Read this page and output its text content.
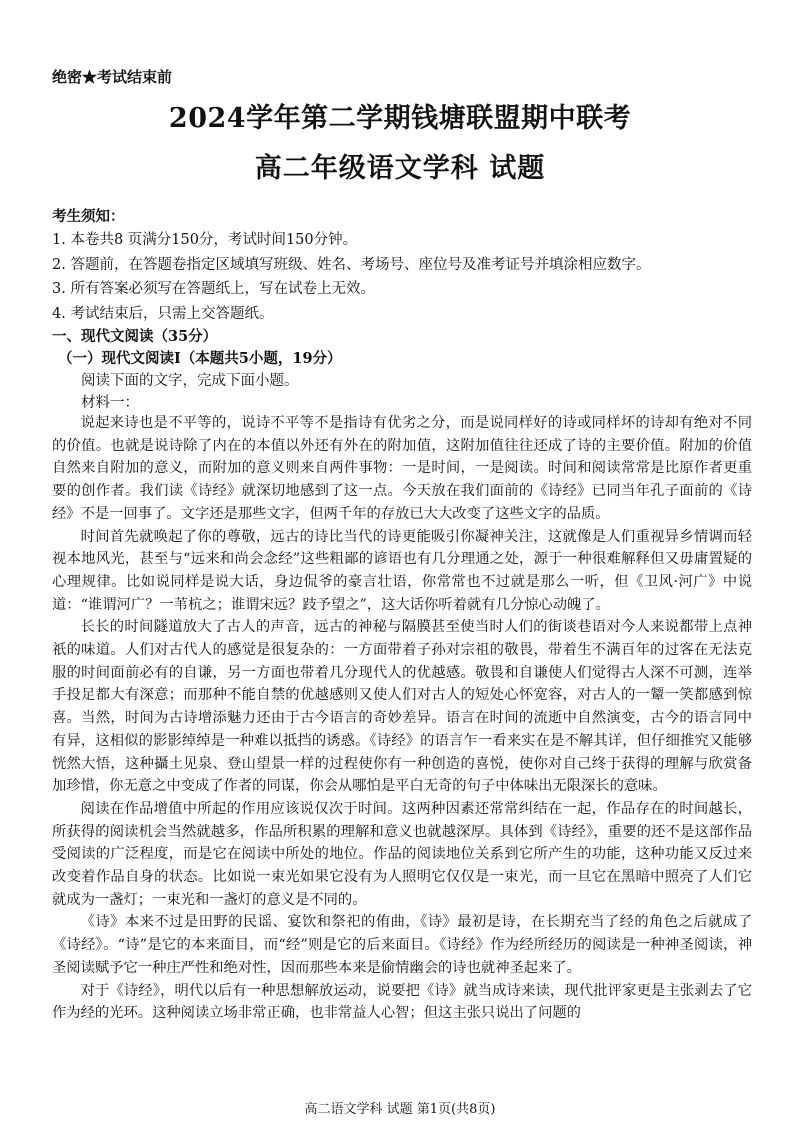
绝密★考试结束前
2024学年第二学期钱塘联盟期中联考
高二年级语文学科 试题
考生须知：
1. 本卷共8 页满分150分，考试时间150分钟。
2. 答题前，在答题卷指定区域填写班级、姓名、考场号、座位号及准考证号并填涂相应数字。
3. 所有答案必须写在答题纸上，写在试卷上无效。
4. 考试结束后，只需上交答题纸。
一、现代文阅读（35分）
（一）现代文阅读Ⅰ（本题共5小题，19分）
阅读下面的文字，完成下面小题。
材料一：

说起来诗也是不平等的，说诗不平等不是指诗有优劣之分，而是说同样好的诗或同样坏的诗却有绝对不同的价值。也就是说诗除了内在的本值以外还有外在的附加值，这附加值往往还成了诗的主要价值。附加的价值自然来自附加的意义，而附加的意义则来自两件事物：一是时间，一是阅读。时间和阅读常常是比原作者更重要的创作者。我们读《诗经》就深切地感到了这一点。今天放在我们面前的《诗经》已同当年孔子面前的《诗经》不是一回事了。文字还是那些文字，但两千年的存放已大大改变了这些文字的品质。

时间首先就唤起了你的尊敬，远古的诗比当代的诗更能吸引你凝神关注，这就像是人们重视异乡情调而轻视本地风光，甚至与“远来和尚会念经”这些粗鄙的谚语也有几分理通之处，源于一种很难解释但又毋庸置疑的心理规律。比如说同样是说大话，身边侃爷的豪言壮语，你常常也不过就是那么一听，但《卫风·河广》中说道：“谁谓河广？一苇杭之；谁谓宋远？跂予望之”，这大话你听着就有几分惊心动魄了。

长长的时间隧道放大了古人的声音，远古的神秘与隔膜甚至使当时人们的街谈巷语对今人来说都带上点神祇的味道。人们对古代人的感觉是很复杂的：一方面带着子孙对宗祖的敬畏，带着生不满百年的过客在无法克服的时间面前必有的自谦，另一方面也带着几分现代人的优越感。敬畏和自谦使人们觉得古人深不可测，连举手投足都大有深意；而那种不能自禁的优越感则又使人们对古人的短处心怀宽容，对古人的一颦一笑都感到惊喜。当然，时间为古诗增添魅力还由于古今语言的奇妙差异。语言在时间的流逝中自然演变，古今的语言同中有异，这相似的影影绰绰是一种难以抵挡的诱惑。《诗经》的语言乍一看来实在是不解其详，但仔细推究又能够恍然大悟，这种攝土见泉、登山望景一样的过程使你有一种创造的喜悦，使你对自己终于获得的理解与欣赏备加珍惜，你无意之中变成了作者的同谋，你会从哪怕是平白无奇的句子中体味出无限深长的意味。

阅读在作品增值中所起的作用应该说仅次于时间。这两种因素还常常纠结在一起，作品存在的时间越长，所获得的阅读机会当然就越多，作品所积累的理解和意义也就越深厚。具体到《诗经》，重要的还不是这部作品受阅读的广泛程度，而是它在阅读中所处的地位。作品的阅读地位关系到它所产生的功能，这种功能又反过来改变着作品自身的状态。比如说一束光如果它没有为人照明它仅仅是一束光，而一旦它在黑暗中照亮了人们它就成为一盏灯；一束光和一盏灯的意义是不同的。

《诗》本来不过是田野的民谣、宴饮和祭祀的侑曲，《诗》最初是诗，在长期充当了经的角色之后就成了《诗经》。“诗”是它的本来面目，而“经”则是它的后来面目。《诗经》作为经所经历的阅读是一种神圣阅读，神圣阅读赋予它一种庄严性和绝对性，因而那些本来是偷情幽会的诗也就神圣起来了。

对于《诗经》，明代以后有一种思想解放运动，说要把《诗》就当成诗来读，现代批评家更是主张剥去了它作为经的光环。这种阅读立场非常正确，也非常益人心智；但这主张只说出了问题的

高二语文学科 试题 第1页(共8页)
